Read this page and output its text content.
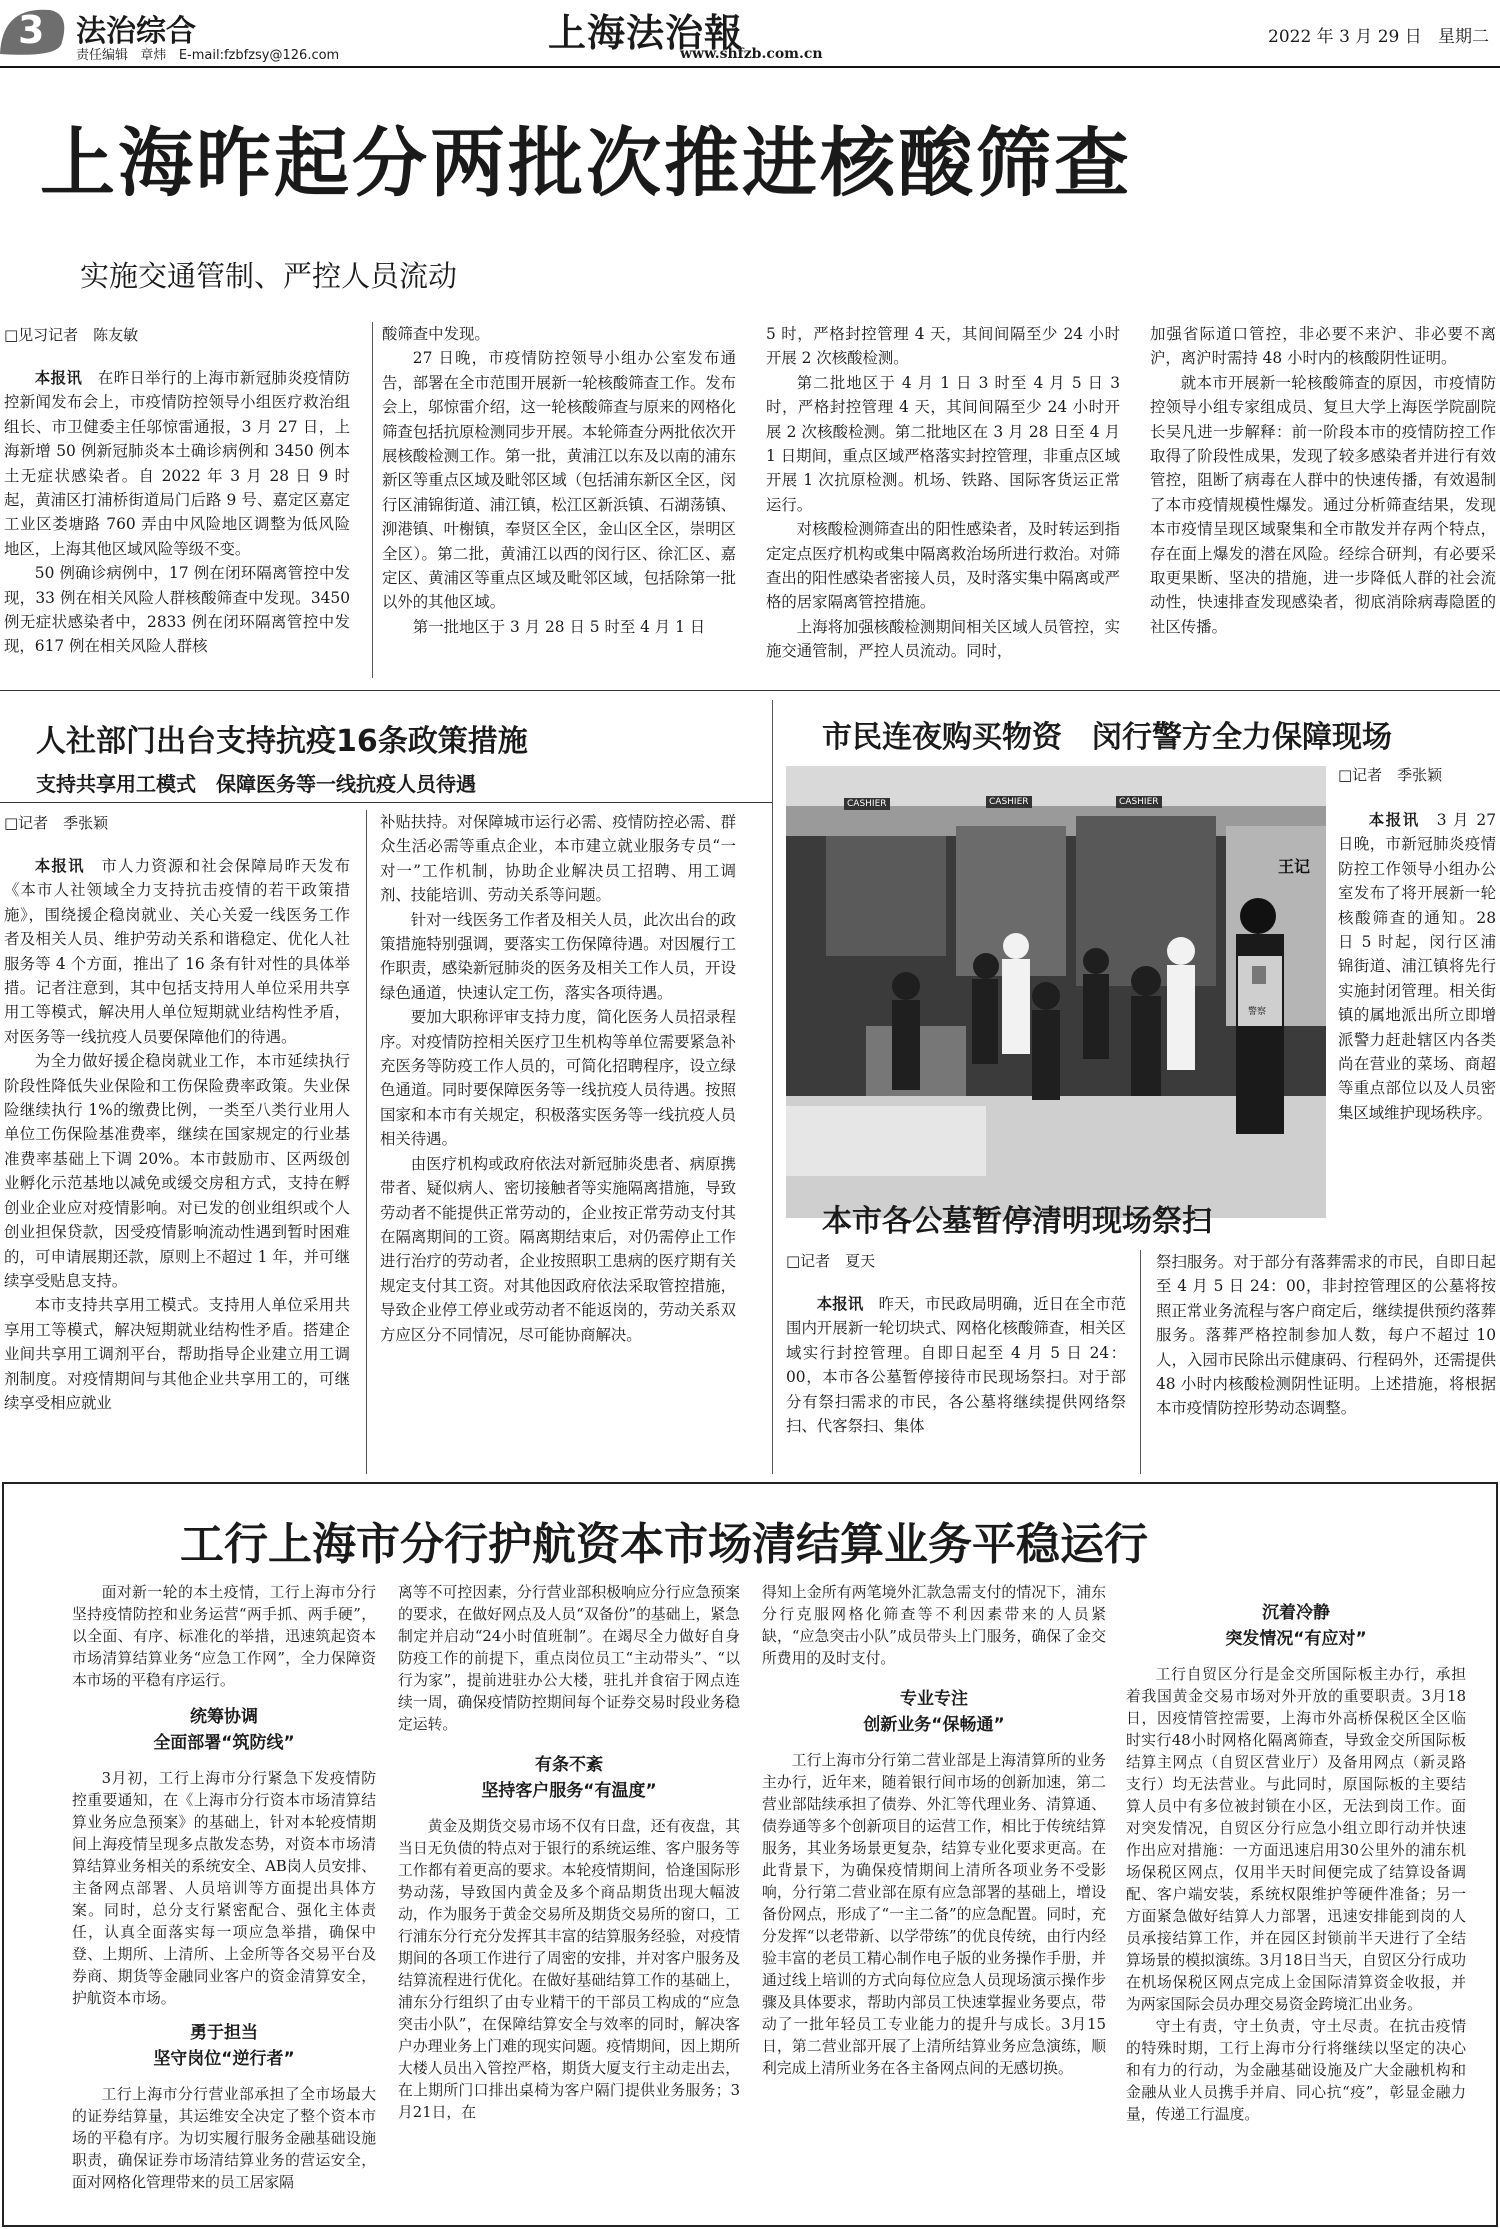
3 法治综合
责任编辑 章炜 E-mail:fzbfzsy@126.com
上海法治報
www.shfzb.com.cn
2022 年 3 月 29 日 星期二
上海昨起分两批次推进核酸筛查
实施交通管制、严控人员流动
□见习记者　陈友敏

本报讯　 在昨日举行的上海市新冠肺炎疫情防控新闻发布会上，市疫情防控领导小组医疗救治组组长、市卫健委主任邬惊雷通报，3 月 27 日，上海新增 50 例新冠肺炎本土确诊病例和 3450 例本土无症状感染者。自 2022 年 3 月 28 日 9 时起，黄浦区打浦桥街道局门后路 9 号、嘉定区嘉定工业区娄塘路 760 弄由中风险地区调整为低风险地区，上海其他区域风险等级不变。

50 例确诊病例中，17 例在闭环隔离管控中发现，33 例在相关风险人群核酸筛查中发现。3450 例无症状感染者中，2833 例在闭环隔离管控中发现，617 例在相关风险人群核

酸筛查中发现。

27 日晚，市疫情防控领导小组办公室发布通告，部署在全市范围开展新一轮核酸筛查工作。发布会上，邬惊雷介绍，这一轮核酸筛查与原来的网格化筛查包括抗原检测同步开展。本轮筛查分两批依次开展核酸检测工作。第一批，黄浦江以东及以南的浦东新区等重点区域及毗邻区域（包括浦东新区全区，闵行区浦锦街道、浦江镇，松江区新浜镇、石湖荡镇、泖港镇、叶榭镇，奉贤区全区，金山区全区，崇明区全区）。第二批，黄浦江以西的闵行区、徐汇区、嘉定区、黄浦区等重点区域及毗邻区域，包括除第一批以外的其他区域。

第一批地区于 3 月 28 日 5 时至 4 月 1 日

5 时，严格封控管理 4 天，其间间隔至少 24 小时开展 2 次核酸检测。

第二批地区于 4 月 1 日 3 时至 4 月 5 日 3 时，严格封控管理 4 天，其间间隔至少 24 小时开展 2 次核酸检测。第二批地区在 3 月 28 日至 4 月 1 日期间，重点区域严格落实封控管理，非重点区域开展 1 次抗原检测。机场、铁路、国际客货运正常运行。

对核酸检测筛查出的阳性感染者，及时转运到指定定点医疗机构或集中隔离救治场所进行救治。对筛查出的阳性感染者密接人员，及时落实集中隔离或严格的居家隔离管控措施。

上海将加强核酸检测期间相关区域人员管控，实施交通管制，严控人员流动。同时，

加强省际道口管控，非必要不来沪、非必要不离沪，离沪时需持 48 小时内的核酸阴性证明。

就本市开展新一轮核酸筛查的原因，市疫情防控领导小组专家组成员、复旦大学上海医学院副院长吴凡进一步解释：前一阶段本市的疫情防控工作取得了阶段性成果，发现了较多感染者并进行有效管控，阻断了病毒在人群中的快速传播，有效遏制了本市疫情规模性爆发。通过分析筛查结果，发现本市疫情呈现区域聚集和全市散发并存两个特点，存在面上爆发的潜在风险。经综合研判，有必要采取更果断、坚决的措施，进一步降低人群的社会流动性，快速排查发现感染者，彻底消除病毒隐匿的社区传播。

人社部门出台支持抗疫16条政策措施
支持共享用工模式　保障医务等一线抗疫人员待遇
□记者　季张颖

本报讯　 市人力资源和社会保障局昨天发布《本市人社领域全力支持抗击疫情的若干政策措施》，围绕援企稳岗就业、关心关爱一线医务工作者及相关人员、维护劳动关系和谐稳定、优化人社服务等 4 个方面，推出了 16 条有针对性的具体举措。记者注意到，其中包括支持用人单位采用共享用工等模式，解决用人单位短期就业结构性矛盾，对医务等一线抗疫人员要保障他们的待遇。

为全力做好援企稳岗就业工作，本市延续执行阶段性降低失业保险和工伤保险费率政策。失业保险继续执行 1%的缴费比例，一类至八类行业用人单位工伤保险基准费率，继续在国家规定的行业基准费率基础上下调 20%。本市鼓励市、区两级创业孵化示范基地以减免或缓交房租方式，支持在孵创业企业应对疫情影响。对已发的创业组织或个人创业担保贷款，因受疫情影响流动性遇到暂时困难的，可申请展期还款，原则上不超过 1 年，并可继续享受贴息支持。

本市支持共享用工模式。支持用人单位采用共享用工等模式，解决短期就业结构性矛盾。搭建企业间共享用工调剂平台，帮助指导企业建立用工调剂制度。对疫情期间与其他企业共享用工的，可继续享受相应就业

补贴扶持。对保障城市运行必需、疫情防控必需、群众生活必需等重点企业，本市建立就业服务专员“一对一”工作机制，协助企业解决员工招聘、用工调剂、技能培训、劳动关系等问题。

针对一线医务工作者及相关人员，此次出台的政策措施特别强调，要落实工伤保障待遇。对因履行工作职责，感染新冠肺炎的医务及相关工作人员，开设绿色通道，快速认定工伤，落实各项待遇。

要加大职称评审支持力度，简化医务人员招录程序。对疫情防控相关医疗卫生机构等单位需要紧急补充医务等防疫工作人员的，可简化招聘程序，设立绿色通道。同时要保障医务等一线抗疫人员待遇。按照国家和本市有关规定，积极落实医务等一线抗疫人员相关待遇。

由医疗机构或政府依法对新冠肺炎患者、病原携带者、疑似病人、密切接触者等实施隔离措施，导致劳动者不能提供正常劳动的，企业按正常劳动支付其在隔离期间的工资。隔离期结束后，对仍需停止工作进行治疗的劳动者，企业按照职工患病的医疗期有关规定支付其工资。对其他因政府依法采取管控措施，导致企业停工停业或劳动者不能返岗的，劳动关系双方应区分不同情况，尽可能协商解决。

市民连夜购买物资　闵行警方全力保障现场
CASHIER	CASHIER	CASHIER
王记
警察
□记者　季张颖

本报讯　 3 月 27 日晚，市新冠肺炎疫情防控工作领导小组办公室发布了将开展新一轮核酸筛查的通知。28 日 5 时起，闵行区浦锦街道、浦江镇将先行实施封闭管理。相关街镇的属地派出所立即增派警力赶赴辖区内各类尚在营业的菜场、商超等重点部位以及人员密集区域维护现场秩序。

本市各公墓暂停清明现场祭扫
□记者　夏天

本报讯　 昨天，市民政局明确，近日在全市范围内开展新一轮切块式、网格化核酸筛查，相关区域实行封控管理。自即日起至 4 月 5 日 24：00，本市各公墓暂停接待市民现场祭扫。对于部分有祭扫需求的市民，各公墓将继续提供网络祭扫、代客祭扫、集体

祭扫服务。对于部分有落葬需求的市民，自即日起至 4 月 5 日 24：00，非封控管理区的公墓将按照正常业务流程与客户商定后，继续提供预约落葬服务。落葬严格控制参加人数，每户不超过 10 人，入园市民除出示健康码、行程码外，还需提供 48 小时内核酸检测阴性证明。上述措施，将根据本市疫情防控形势动态调整。

工行上海市分行护航资本市场清结算业务平稳运行

面对新一轮的本土疫情，工行上海市分行坚持疫情防控和业务运营“两手抓、两手硬”，以全面、有序、标准化的举措，迅速筑起资本市场清算结算业务“应急工作网”，全力保障资本市场的平稳有序运行。

统筹协调
全面部署“筑防线”

3月初，工行上海市分行紧急下发疫情防控重要通知，在《上海市分行资本市场清算结算业务应急预案》的基础上，针对本轮疫情期间上海疫情呈现多点散发态势，对资本市场清算结算业务相关的系统安全、AB岗人员安排、主备网点部署、人员培训等方面提出具体方案。同时，总分支行紧密配合、强化主体责任，认真全面落实每一项应急举措，确保中登、上期所、上清所、上金所等各交易平台及券商、期货等金融同业客户的资金清算安全，护航资本市场。

勇于担当
坚守岗位“逆行者”

工行上海市分行营业部承担了全市场最大的证券结算量，其运维安全决定了整个资本市场的平稳有序。为切实履行服务金融基础设施职责，确保证券市场清结算业务的营运安全，面对网格化管理带来的员工居家隔

离等不可控因素，分行营业部积极响应分行应急预案的要求，在做好网点及人员“双备份”的基础上，紧急制定并启动“24小时值班制”。在竭尽全力做好自身防疫工作的前提下，重点岗位员工“主动带头”、“以行为家”，提前进驻办公大楼，驻扎并食宿于网点连续一周，确保疫情防控期间每个证券交易时段业务稳定运转。

有条不紊
坚持客户服务“有温度”

黄金及期货交易市场不仅有日盘，还有夜盘，其当日无负债的特点对于银行的系统运维、客户服务等工作都有着更高的要求。本轮疫情期间，恰逢国际形势动荡，导致国内黄金及多个商品期货出现大幅波动，作为服务于黄金交易所及期货交易所的窗口，工行浦东分行充分发挥其丰富的结算服务经验，对疫情期间的各项工作进行了周密的安排，并对客户服务及结算流程进行优化。在做好基础结算工作的基础上，浦东分行组织了由专业精干的干部员工构成的“应急突击小队”，在保障结算安全与效率的同时，解决客户办理业务上门难的现实问题。疫情期间，因上期所大楼人员出入管控严格，期货大厦支行主动走出去，在上期所门口排出桌椅为客户隔门提供业务服务；3月21日，在

得知上金所有两笔境外汇款急需支付的情况下，浦东分行克服网格化筛查等不利因素带来的人员紧缺，“应急突击小队”成员带头上门服务，确保了金交所费用的及时支付。

专业专注
创新业务“保畅通”

工行上海市分行第二营业部是上海清算所的业务主办行，近年来，随着银行间市场的创新加速，第二营业部陆续承担了债券、外汇等代理业务、清算通、债券通等多个创新项目的运营工作，相比于传统结算服务，其业务场景更复杂，结算专业化要求更高。在此背景下，为确保疫情期间上清所各项业务不受影响，分行第二营业部在原有应急部署的基础上，增设备份网点，形成了“一主二备”的应急配置。同时，充分发挥“以老带新、以学带练”的优良传统，由行内经验丰富的老员工精心制作电子版的业务操作手册，并通过线上培训的方式向每位应急人员现场演示操作步骤及具体要求，帮助内部员工快速掌握业务要点，带动了一批年轻员工专业能力的提升与成长。3月15日，第二营业部开展了上清所结算业务应急演练，顺利完成上清所业务在各主备网点间的无感切换。

沉着冷静
突发情况“有应对”

工行自贸区分行是金交所国际板主办行，承担着我国黄金交易市场对外开放的重要职责。3月18日，因疫情管控需要，上海市外高桥保税区全区临时实行48小时网格化隔离筛查，导致金交所国际板结算主网点（自贸区营业厅）及备用网点（新灵路支行）均无法营业。与此同时，原国际板的主要结算人员中有多位被封锁在小区，无法到岗工作。面对突发情况，自贸区分行应急小组立即行动并快速作出应对措施：一方面迅速启用30公里外的浦东机场保税区网点，仅用半天时间便完成了结算设备调配、客户端安装，系统权限维护等硬件准备；另一方面紧急做好结算人力部署，迅速安排能到岗的人员承接结算工作，并在园区封锁前半天进行了全结算场景的模拟演练。3月18日当天，自贸区分行成功在机场保税区网点完成上金国际清算资金收报，并为两家国际会员办理交易资金跨境汇出业务。

守土有责，守土负责，守土尽责。在抗击疫情的特殊时期，工行上海市分行将继续以坚定的决心和有力的行动，为金融基础设施及广大金融机构和金融从业人员携手并肩、同心抗“疫”，彰显金融力量，传递工行温度。
